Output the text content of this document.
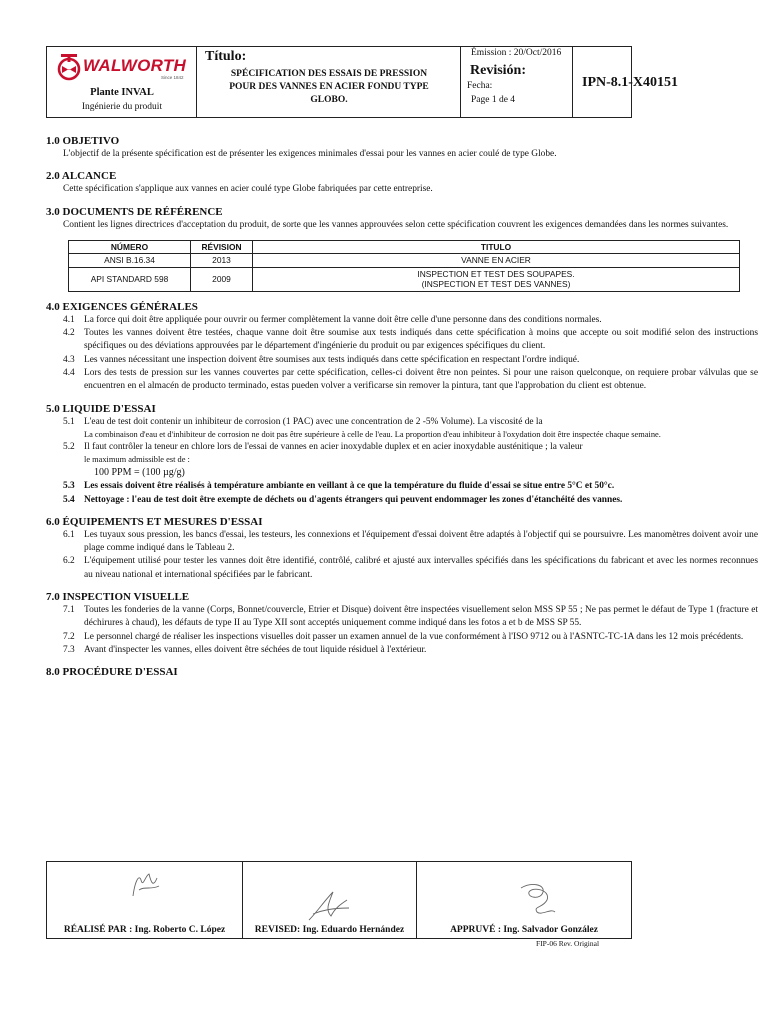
WALWORTH
Since 1842
Plante INVAL
Ingénierie du produit
Título:
SPÉCIFICATION DES ESSAIS DE PRESSION
POUR DES VANNES EN ACIER FONDU TYPE
GLOBO.
Émission : 20/Oct/2016
Fecha:
Revisión:
Page 1 de 4
IPN-8.1-X40151
1.0 OBJETIVO
L'objectif de la présente spécification est de présenter les exigences minimales d'essai pour les vannes en acier coulé de type Globe.
2.0 ALCANCE
Cette spécification s'applique aux vannes en acier coulé type Globe fabriquées par cette entreprise.
3.0 DOCUMENTS DE RÉFÉRENCE
Contient les lignes directrices d'acceptation du produit, de sorte que les vannes approuvées selon cette spécification couvrent les exigences demandées dans les normes suivantes.
NÚMERO	RÉVISION	TITULO
ANSI B.16.34	2013	VANNE EN ACIER
API STANDARD 598	2009	INSPECTION ET TEST DES SOUPAPES.
(INSPECTION ET TEST DES VANNES)
4.0 EXIGENCES GÉNÉRALES
4.1 La force qui doit être appliquée pour ouvrir ou fermer complètement la vanne doit être celle d'une personne dans des conditions normales.
4.2 Toutes les vannes doivent être testées, chaque vanne doit être soumise aux tests indiqués dans cette spécification à moins que accepte ou soit modifié selon des instructions spécifiques ou des déviations approuvées par le département d'ingénierie du produit ou par exigences spécifiques du client.
4.3 Les vannes nécessitant une inspection doivent être soumises aux tests indiqués dans cette spécification en respectant l'ordre indiqué.
4.4 Lors des tests de pression sur les vannes couvertes par cette spécification, celles-ci doivent être non peintes. Si pour une raison quelconque, on requiere probar válvulas que se encuentren en el almacén de producto terminado, estas pueden volver a verificarse sin remover la pintura, tant que l'approbation du client est obtenue.
5.0 LIQUIDE D'ESSAI
5.1 L'eau de test doit contenir un inhibiteur de corrosion (1 PAC) avec une concentration de 2 -5% Volume). La viscosité de la
La combinaison d'eau et d'inhibiteur de corrosion ne doit pas être supérieure à celle de l'eau. La proportion d'eau inhibiteur à l'oxydation doit être inspectée chaque semaine.
5.2 Il faut contrôler la teneur en chlore lors de l'essai de vannes en acier inoxydable duplex et en acier inoxydable austénitique ; la valeur
le maximum admissible est de :
100 PPM = (100 µg/g)
5.3 Les essais doivent être réalisés à température ambiante en veillant à ce que la température du fluide d'essai se situe entre 5°C et 50°c.
5.4 Nettoyage : l'eau de test doit être exempte de déchets ou d'agents étrangers qui peuvent endommager les zones d'étanchéité des vannes.
6.0 ÉQUIPEMENTS ET MESURES D'ESSAI
6.1 Les tuyaux sous pression, les bancs d'essai, les testeurs, les connexions et l'équipement d'essai doivent être adaptés à l'objectif qui se poursuivre. Les manomètres doivent avoir une plage comme indiqué dans le Tableau 2.
6.2 L'équipement utilisé pour tester les vannes doit être identifié, contrôlé, calibré et ajusté aux intervalles spécifiés dans les spécifications du fabricant et avec les normes reconnues au niveau national et international spécifiées par le fabricant.
7.0 INSPECTION VISUELLE
7.1 Toutes les fonderies de la vanne (Corps, Bonnet/couvercle, Etrier et Disque) doivent être inspectées visuellement selon MSS SP 55 ; Ne pas permet le défaut de Type 1 (fracture et déchirures à chaud), les défauts de type II au Type XII sont acceptés uniquement comme indiqué dans les fotos a et b de MSS SP 55.
7.2 Le personnel chargé de réaliser les inspections visuelles doit passer un examen annuel de la vue conformément à l'ISO 9712 ou à l'ASNTC-TC-1A dans les 12 mois précédents.
7.3 Avant d'inspecter les vannes, elles doivent être séchées de tout liquide résiduel à l'extérieur.
8.0 PROCÉDURE D'ESSAI
RÉALISÉ PAR : Ing. Roberto C. López	REVISED: Ing. Eduardo Hernández	APPRUVÉ : Ing. Salvador González
FIP-06 Rev. Original
